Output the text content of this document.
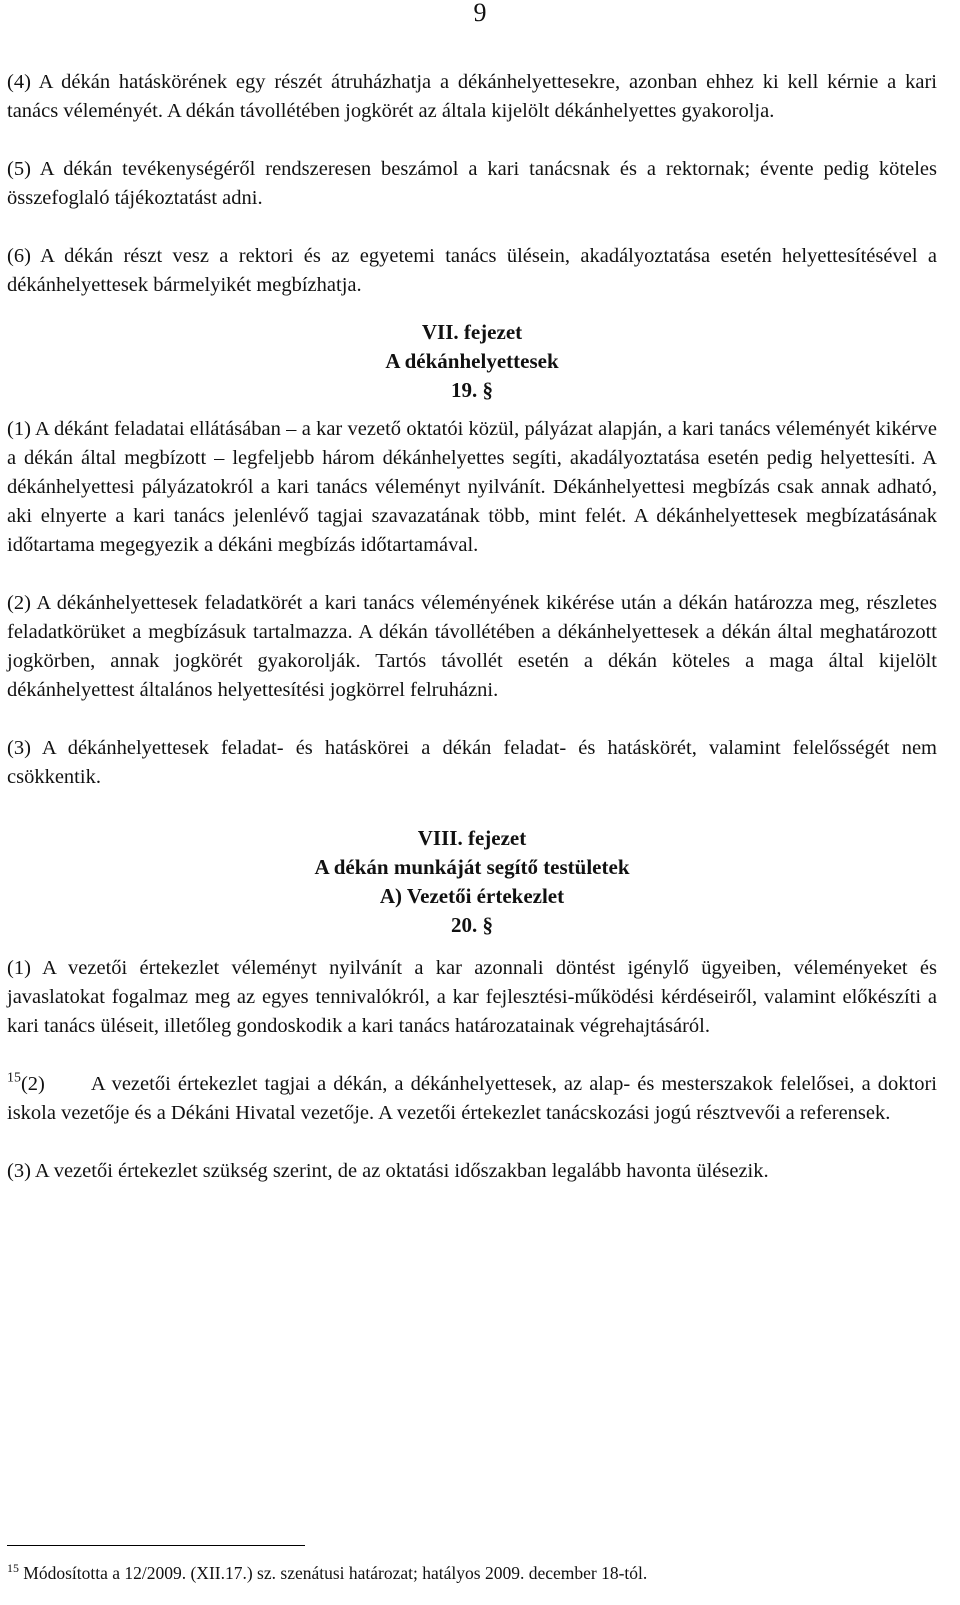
9

(4) A dékán hatáskörének egy részét átruházhatja a dékánhelyettesekre, azonban ehhez ki kell kérnie a kari tanács véleményét. A dékán távollétében jogkörét az általa kijelölt dékánhelyettes gyakorolja.

(5) A dékán tevékenységéről rendszeresen beszámol a kari tanácsnak és a rektornak; évente pedig köteles összefoglaló tájékoztatást adni.

(6) A dékán részt vesz a rektori és az egyetemi tanács ülésein, akadályoztatása esetén helyettesítésével a dékánhelyettesek bármelyikét megbízhatja.

VII. fejezet

A dékánhelyettesek

19. §

(1) A dékánt feladatai ellátásában – a kar vezető oktatói közül, pályázat alapján, a kari tanács véleményét kikérve a dékán által megbízott – legfeljebb három dékánhelyettes segíti, akadályoztatása esetén pedig helyettesíti. A dékánhelyettesi pályázatokról a kari tanács véleményt nyilvánít. Dékánhelyettesi megbízás csak annak adható, aki elnyerte a kari tanács jelenlévő tagjai szavazatának több, mint felét. A dékánhelyettesek megbízatásának időtartama megegyezik a dékáni megbízás időtartamával.

(2) A dékánhelyettesek feladatkörét a kari tanács véleményének kikérése után a dékán határozza meg, részletes feladatkörüket a megbízásuk tartalmazza. A dékán távollétében a dékánhelyettesek a dékán által meghatározott jogkörben, annak jogkörét gyakorolják. Tartós távollét esetén a dékán köteles a maga által kijelölt dékánhelyettest általános helyettesítési jogkörrel felruházni.

(3) A dékánhelyettesek feladat- és hatáskörei a dékán feladat- és hatáskörét, valamint felelősségét nem csökkentik.

VIII. fejezet

A dékán munkáját segítő testületek

A) Vezetői értekezlet

20. §

(1) A vezetői értekezlet véleményt nyilvánít a kar azonnali döntést igénylő ügyeiben, véleményeket és javaslatokat fogalmaz meg az egyes tennivalókról, a kar fejlesztési-működési kérdéseiről, valamint előkészíti a kari tanács üléseit, illetőleg gondoskodik a kari tanács határozatainak végrehajtásáról.

$^{15}$(2) A vezetői értekezlet tagjai a dékán, a dékánhelyettesek, az alap- és mesterszakok felelősei, a doktori iskola vezetője és a Dékáni Hivatal vezetője. A vezetői értekezlet tanácskozási jogú résztvevői a referensek.

(3) A vezetői értekezlet szükség szerint, de az oktatási időszakban legalább havonta ülésezik.

$^{15}$ Módosította a 12/2009. (XII.17.) sz. szenátusi határozat; hatályos 2009. december 18-tól.
